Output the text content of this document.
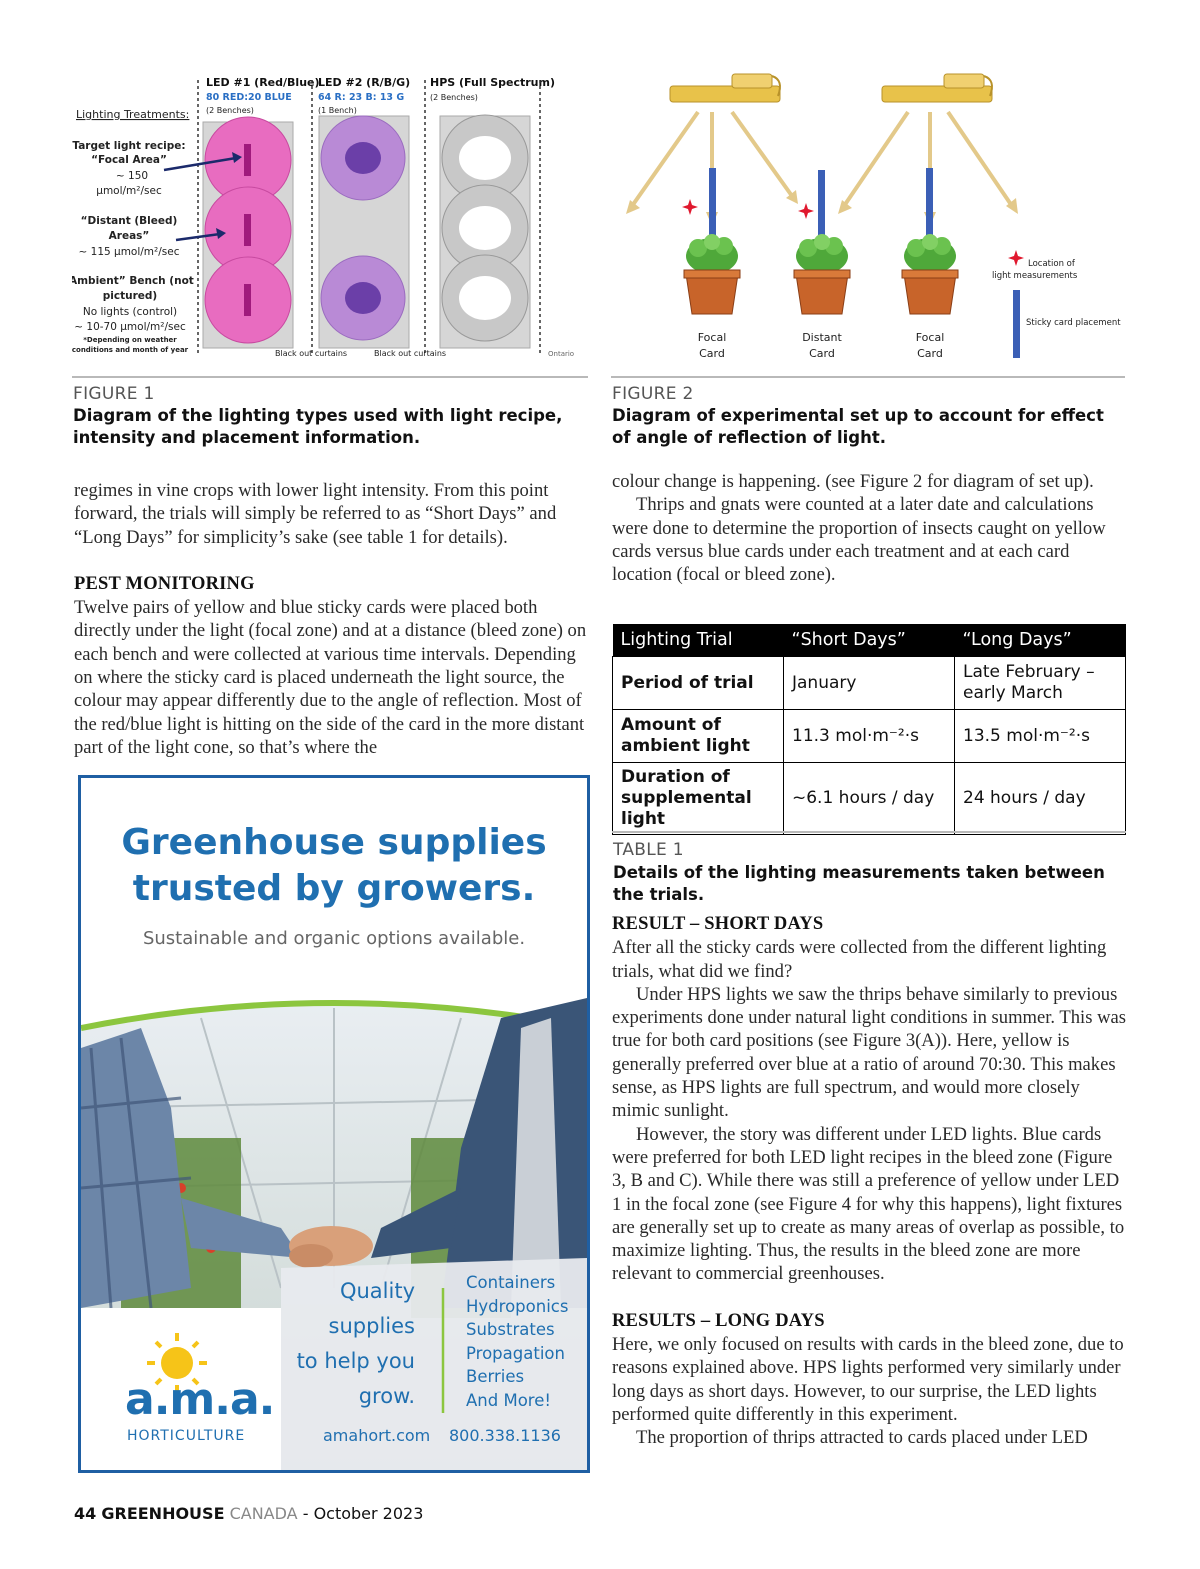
LED #1 (Red/Blue)
80 RED:20 BLUE
(2 Benches)
LED #2 (R/B/G)
64 R: 23 B: 13 G
(1 Bench)
HPS (Full Spectrum)
(2 Benches)
Lighting Treatments:
Target light recipe:
“Focal Area”
~ 150
µmol/m²/sec
“Distant (Bleed)
Areas”
~ 115 µmol/m²/sec
‘Ambient” Bench (not
pictured)
No lights (control)
~ 10-70 µmol/m²/sec
*Depending on weather
conditions and month of year	Black out curtains	Black out curtains	Ontario
Focal
Card
Distant
Card
Focal
Card
Location of
light measurements
Sticky card placement
FIGURE 1
Diagram of the lighting types used with light recipe, intensity and placement information.
FIGURE 2
Diagram of experimental set up to account for effect of angle of reflection of light.

regimes in vine crops with lower light intensity. From this point forward, the trials will simply be referred to as “Short Days” and “Long Days” for simplicity’s sake (see table 1 for details).

PEST MONITORING

Twelve pairs of yellow and blue sticky cards were placed both directly under the light (focal zone) and at a distance (bleed zone) on each bench and were collected at various time intervals. Depending on where the sticky card is placed underneath the light source, the colour may appear differently due to the angle of reflection. Most of the red/blue light is hitting on the side of the card in the more distant part of the light cone, so that’s where the

colour change is happening. (see Figure 2 for diagram of set up).

Thrips and gnats were counted at a later date and calculations were done to determine the proportion of insects caught on yellow cards versus blue cards under each treatment and at each card location (focal or bleed zone).

Lighting Trial	“Short Days”	“Long Days”
Period of trial	January	Late February – early March
Amount of ambient light	11.3 mol·m⁻²·s	13.5 mol·m⁻²·s
Duration of supplemental light	~6.1 hours / day	24 hours / day
TABLE 1
Details of the lighting measurements taken between the trials.
RESULT – SHORT DAYS

After all the sticky cards were collected from the different lighting trials, what did we find?

Under HPS lights we saw the thrips behave similarly to previous experiments done under natural light conditions in summer. This was true for both card positions (see Figure 3(A)). Here, yellow is generally preferred over blue at a ratio of around 70:30. This makes sense, as HPS lights are full spectrum, and would more closely mimic sunlight.

However, the story was different under LED lights. Blue cards were preferred for both LED light recipes in the bleed zone (Figure 3, B and C). While there was still a preference of yellow under LED 1 in the focal zone (see Figure 4 for why this happens), light fixtures are generally set up to create as many areas of overlap as possible, to maximize lighting. Thus, the results in the bleed zone are more relevant to commercial greenhouses.

RESULTS – LONG DAYS

Here, we only focused on results with cards in the bleed zone, due to reasons explained above. HPS lights performed very similarly under long days as short days. However, to our surprise, the LED lights performed quite differently in this experiment.

The proportion of thrips attracted to cards placed under LED

Greenhouse supplies
trusted by growers.
Sustainable and organic options available.
Quality
supplies
to help you
grow.
Containers
Hydroponics
Substrates
Propagation
Berries
And More!
a.m.a.
HORTICULTURE	amahort.com 800.338.1136
44 GREENHOUSE CANADA - October 2023
